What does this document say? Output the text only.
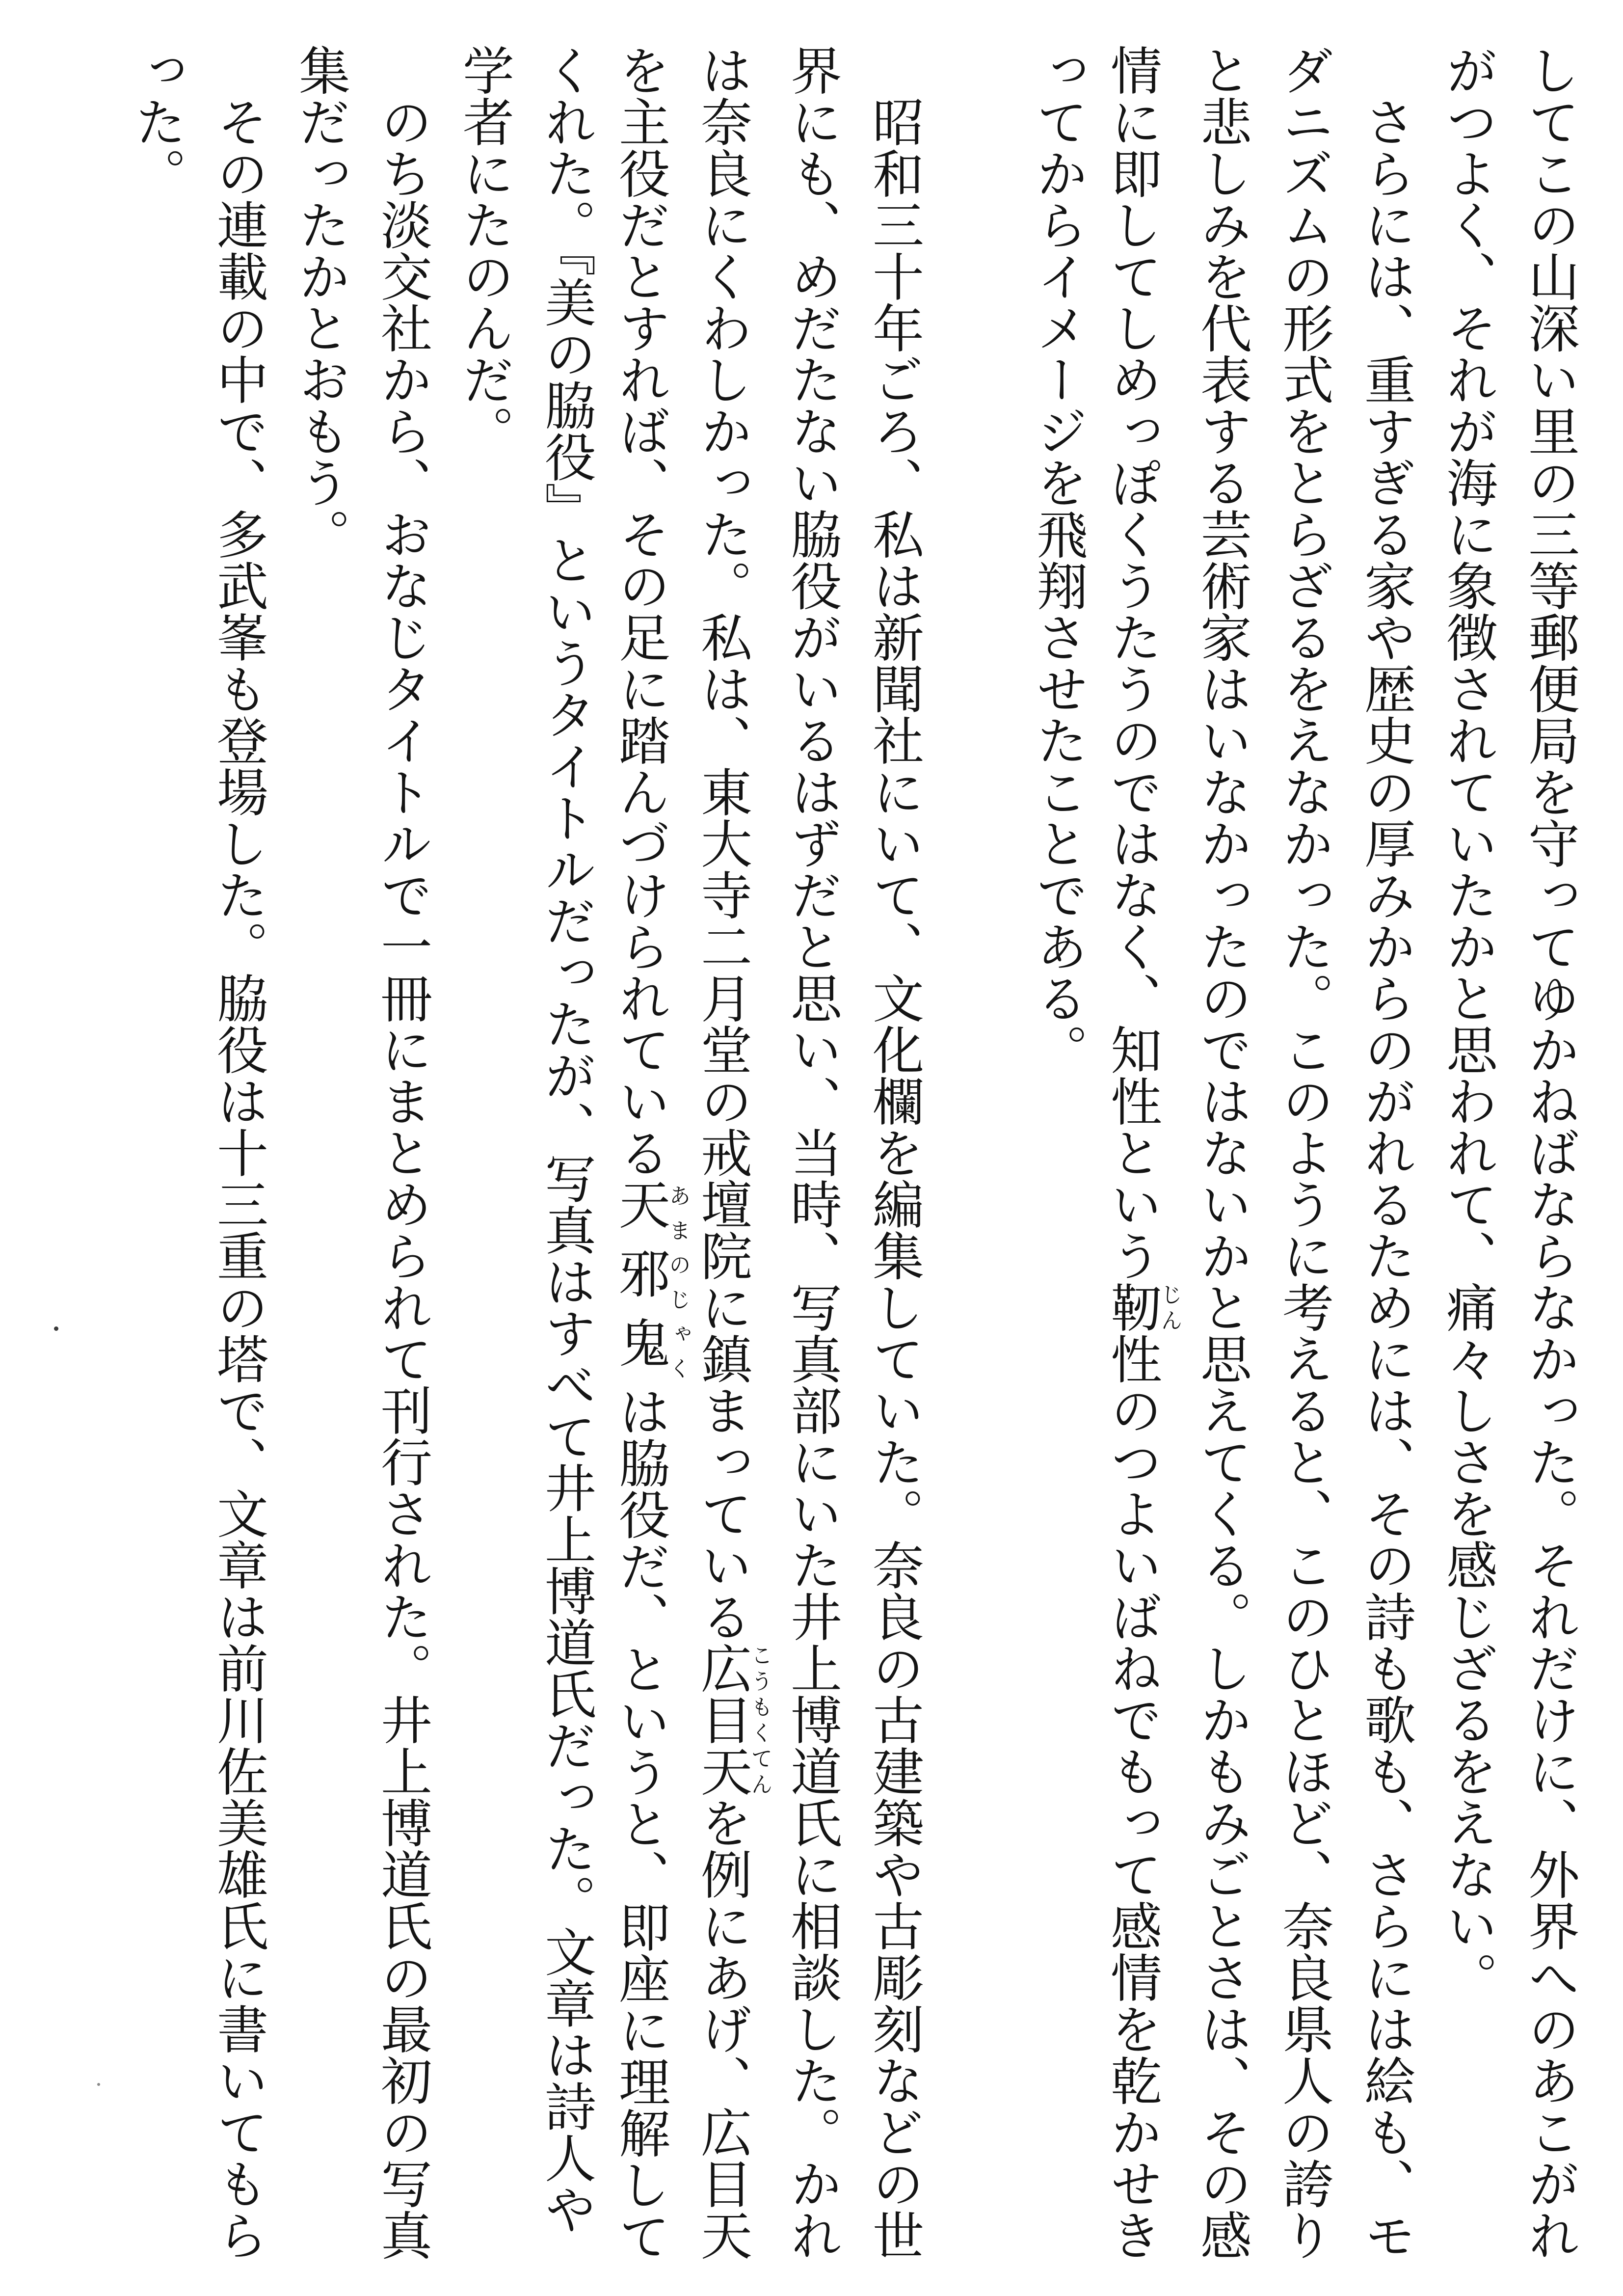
してこの山深い里の三等郵便局を守ってゆかねばならなかった。それだけに、外界へのあこがれ
がつよく、それが海に象徴されていたかと思われて、痛々しさを感じざるをえない。
さらには、重すぎる家や歴史の厚みからのがれるためには、その詩も歌も、さらには絵も、モ
ダニズムの形式をとらざるをえなかった。このように考えると、このひとほど、奈良県人の誇り
と悲しみを代表する芸術家はいなかったのではないかと思えてくる。しかもみごとさは、その感
情に即してしめっぽくうたうのではなく、知性という靭じん性のつよいばねでもって感情を乾かせき
ってからイメージを飛翔させたことである。
昭和三十年ごろ、私は新聞社にいて、文化欄を編集していた。奈良の古建築や古彫刻などの世
界にも、めだたない脇役がいるはずだと思い、当時、写真部にいた井上博道氏に相談した。かれ
は奈良にくわしかった。私は、東大寺二月堂の戒壇院に鎮まっている広目天こうもくてんを例にあげ、広目天
を主役だとすれば、その足に踏んづけられている天邪鬼あまのじゃくは脇役だ、というと、即座に理解して
くれた。『美の脇役』というタイトルだったが、写真はすべて井上博道氏だった。文章は詩人や
学者にたのんだ。
のち淡交社から、おなじタイトルで一冊にまとめられて刊行された。井上博道氏の最初の写真
集だったかとおもう。
その連載の中で、多武峯も登場した。脇役は十三重の塔で、文章は前川佐美雄氏に書いてもら
った。
